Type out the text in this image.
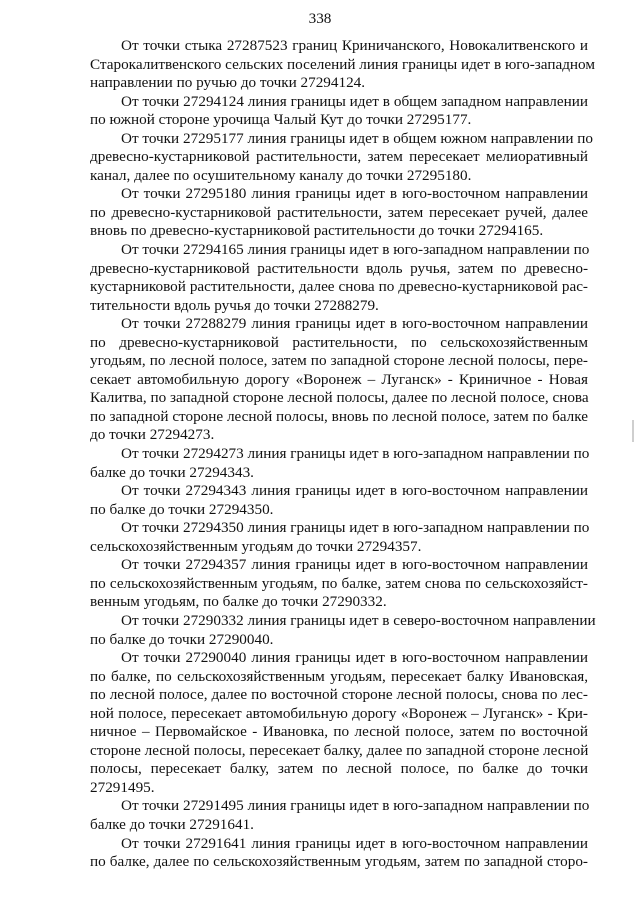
338
От точки стыка 27287523 границ Криничанского, Новокалитвенского и
Старокалитвенского сельских поселений линия границы идет в юго-западном
направлении по ручью до точки 27294124.
От точки 27294124 линия границы идет в общем западном направлении
по южной стороне урочища Чалый Кут до точки 27295177.
От точки 27295177 линия границы идет в общем южном направлении по
древесно-кустарниковой растительности, затем пересекает мелиоративный
канал, далее по осушительному каналу до точки 27295180.
От точки 27295180 линия границы идет в юго-восточном направлении
по древесно-кустарниковой растительности, затем пересекает ручей, далее
вновь по древесно-кустарниковой растительности до точки 27294165.
От точки 27294165 линия границы идет в юго-западном направлении по
древесно-кустарниковой растительности вдоль ручья, затем по древесно-
кустарниковой растительности, далее снова по древесно-кустарниковой рас-
тительности вдоль ручья до точки 27288279.
От точки 27288279 линия границы идет в юго-восточном направлении
по древесно-кустарниковой растительности, по сельскохозяйственным
угодьям, по лесной полосе, затем по западной стороне лесной полосы, пере-
секает автомобильную дорогу «Воронеж – Луганск» - Криничное - Новая
Калитва, по западной стороне лесной полосы, далее по лесной полосе, снова
по западной стороне лесной полосы, вновь по лесной полосе, затем по балке
до точки 27294273.
От точки 27294273 линия границы идет в юго-западном направлении по
балке до точки 27294343.
От точки 27294343 линия границы идет в юго-восточном направлении
по балке до точки 27294350.
От точки 27294350 линия границы идет в юго-западном направлении по
сельскохозяйственным угодьям до точки 27294357.
От точки 27294357 линия границы идет в юго-восточном направлении
по сельскохозяйственным угодьям, по балке, затем снова по сельскохозяйст-
венным угодьям, по балке до точки 27290332.
От точки 27290332 линия границы идет в северо-восточном направлении
по балке до точки 27290040.
От точки 27290040 линия границы идет в юго-восточном направлении
по балке, по сельскохозяйственным угодьям, пересекает балку Ивановская,
по лесной полосе, далее по восточной стороне лесной полосы, снова по лес-
ной полосе, пересекает автомобильную дорогу «Воронеж – Луганск» - Кри-
ничное – Первомайское - Ивановка, по лесной полосе, затем по восточной
стороне лесной полосы, пересекает балку, далее по западной стороне лесной
полосы, пересекает балку, затем по лесной полосе, по балке до точки
27291495.
От точки 27291495 линия границы идет в юго-западном направлении по
балке до точки 27291641.
От точки 27291641 линия границы идет в юго-восточном направлении
по балке, далее по сельскохозяйственным угодьям, затем по западной сторо-
